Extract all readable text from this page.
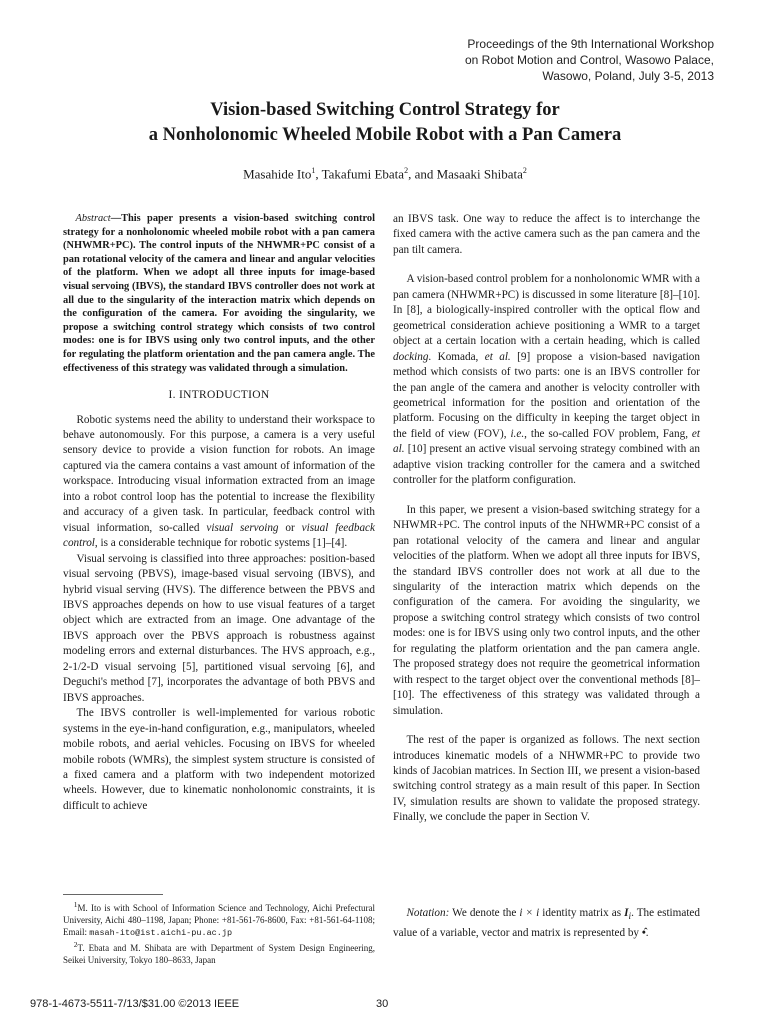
Proceedings of the 9th International Workshop
on Robot Motion and Control, Wasowo Palace,
Wasowo, Poland, July 3-5, 2013
Vision-based Switching Control Strategy for
a Nonholonomic Wheeled Mobile Robot with a Pan Camera
Masahide Ito$^1$, Takafumi Ebata$^2$, and Masaaki Shibata$^2$

Abstract—This paper presents a vision-based switching control strategy for a nonholonomic wheeled mobile robot with a pan camera (NHWMR+PC). The control inputs of the NHWMR+PC consist of a pan rotational velocity of the camera and linear and angular velocities of the platform. When we adopt all three inputs for image-based visual servoing (IBVS), the standard IBVS controller does not work at all due to the singularity of the interaction matrix which depends on the configuration of the camera. For avoiding the singularity, we propose a switching control strategy which consists of two control modes: one is for IBVS using only two control inputs, and the other for regulating the platform orientation and the pan camera angle. The effectiveness of this strategy was validated through a simulation.

I. INTRODUCTION

Robotic systems need the ability to understand their workspace to behave autonomously. For this purpose, a camera is a very useful sensory device to provide a vision function for robots. An image captured via the camera contains a vast amount of information of the workspace. Introducing visual information extracted from an image into a robot control loop has the potential to increase the flexibility and accuracy of a given task. In particular, feedback control with visual information, so-called visual servoing or visual feedback control, is a considerable technique for robotic systems [1]–[4].

Visual servoing is classified into three approaches: position-based visual servoing (PBVS), image-based visual servoing (IBVS), and hybrid visual serving (HVS). The difference between the PBVS and IBVS approaches depends on how to use visual features of a target object which are extracted from an image. One advantage of the IBVS approach over the PBVS approach is robustness against modeling errors and external disturbances. The HVS approach, e.g., 2-1/2-D visual servoing [5], partitioned visual servoing [6], and Deguchi's method [7], incorporates the advantage of both PBVS and IBVS approaches.

The IBVS controller is well-implemented for various robotic systems in the eye-in-hand configuration, e.g., manipulators, wheeled mobile robots, and aerial vehicles. Focusing on IBVS for wheeled mobile robots (WMRs), the simplest system structure is consisted of a fixed camera and a platform with two independent motorized wheels. However, due to kinematic nonholonomic constraints, it is difficult to achieve

$^1$M. Ito is with School of Information Science and Technology, Aichi Prefectural University, Aichi 480–1198, Japan; Phone: +81-561-76-8600, Fax: +81-561-64-1108; Email: masah-ito@ist.aichi-pu.ac.jp

$^2$T. Ebata and M. Shibata are with Department of System Design Engineering, Seikei University, Tokyo 180–8633, Japan

an IBVS task. One way to reduce the affect is to interchange the fixed camera with the active camera such as the pan camera and the pan tilt camera.

A vision-based control problem for a nonholonomic WMR with a pan camera (NHWMR+PC) is discussed in some literature [8]–[10]. In [8], a biologically-inspired controller with the optical flow and geometrical consideration achieve positioning a WMR to a target object at a certain location with a certain heading, which is called docking. Komada, et al. [9] propose a vision-based navigation method which consists of two parts: one is an IBVS controller for the pan angle of the camera and another is velocity controller with geometrical information for the position and orientation of the platform. Focusing on the difficulty in keeping the target object in the field of view (FOV), i.e., the so-called FOV problem, Fang, et al. [10] present an active visual servoing strategy combined with an adaptive vision tracking controller for the camera and a switched controller for the platform configuration.

In this paper, we present a vision-based switching strategy for a NHWMR+PC. The control inputs of the NHWMR+PC consist of a pan rotational velocity of the camera and linear and angular velocities of the platform. When we adopt all three inputs for IBVS, the standard IBVS controller does not work at all due to the singularity of the interaction matrix which depends on the configuration of the camera. For avoiding the singularity, we propose a switching control strategy which consists of two control modes: one is for IBVS using only two control inputs, and the other for regulating the platform orientation and the pan camera angle. The proposed strategy does not require the geometrical information with respect to the target object over the conventional methods [8]–[10]. The effectiveness of this strategy was validated through a simulation.

The rest of the paper is organized as follows. The next section introduces kinematic models of a NHWMR+PC to provide two kinds of Jacobian matrices. In Section III, we present a vision-based switching control strategy as a main result of this paper. In Section IV, simulation results are shown to validate the proposed strategy. Finally, we conclude the paper in Section V.

Notation: We denote the i × i identity matrix as $I_i$. The estimated value of a variable, vector and matrix is represented by •̂.

978-1-4673-5511-7/13/$31.00 ©2013 IEEE	30
